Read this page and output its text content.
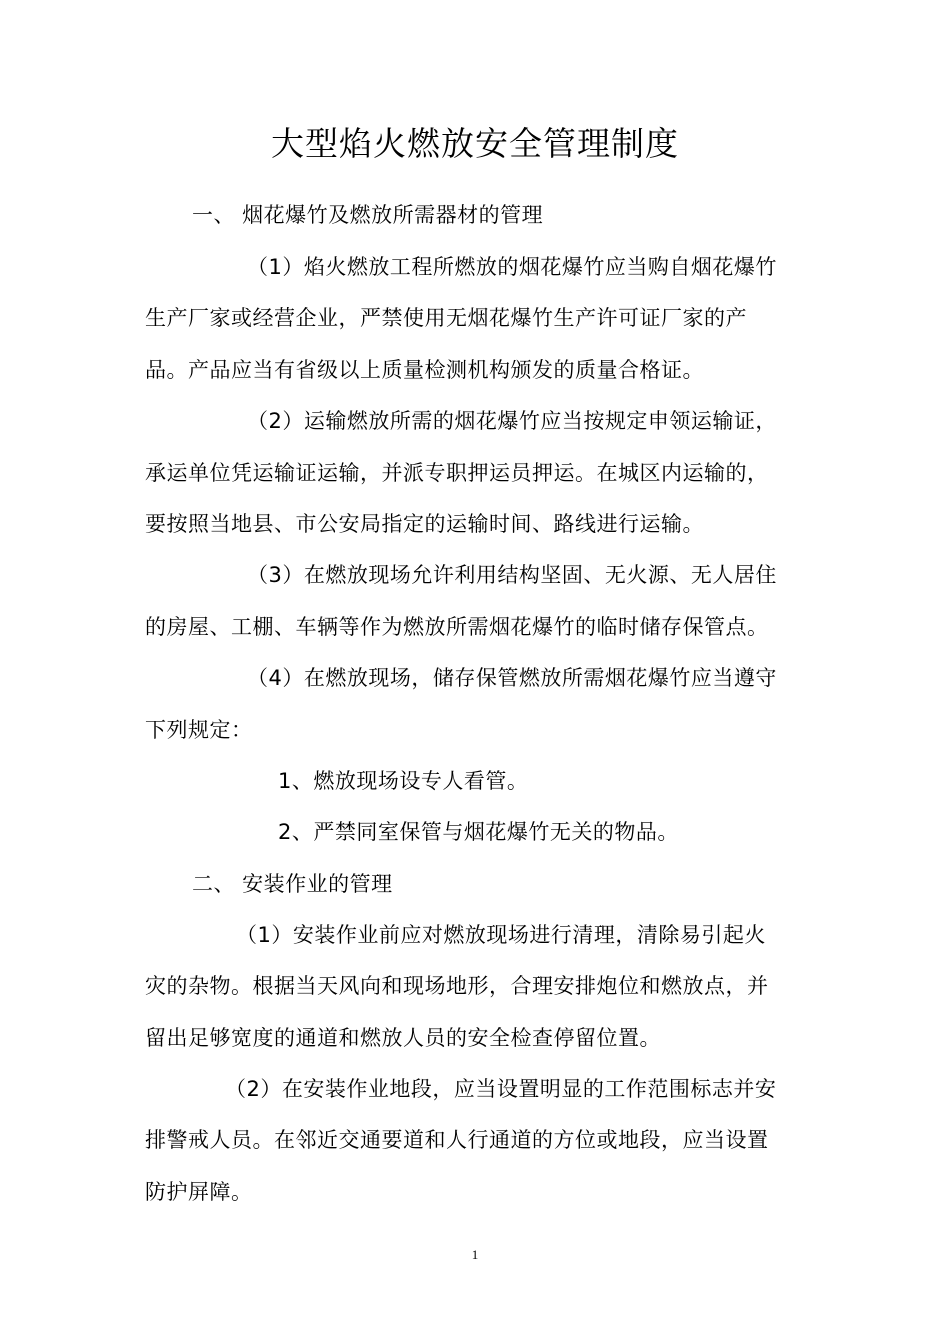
大型焰火燃放安全管理制度
一、 烟花爆竹及燃放所需器材的管理
（1）焰火燃放工程所燃放的烟花爆竹应当购自烟花爆竹
生产厂家或经营企业，严禁使用无烟花爆竹生产许可证厂家的产
品。产品应当有省级以上质量检测机构颁发的质量合格证。
（2）运输燃放所需的烟花爆竹应当按规定申领运输证，
承运单位凭运输证运输，并派专职押运员押运。在城区内运输的，
要按照当地县、市公安局指定的运输时间、路线进行运输。
（3）在燃放现场允许利用结构坚固、无火源、无人居住
的房屋、工棚、车辆等作为燃放所需烟花爆竹的临时储存保管点。
（4）在燃放现场，储存保管燃放所需烟花爆竹应当遵守
下列规定：
1、燃放现场设专人看管。
2、严禁同室保管与烟花爆竹无关的物品。
二、 安装作业的管理
（1）安装作业前应对燃放现场进行清理，清除易引起火
灾的杂物。根据当天风向和现场地形，合理安排炮位和燃放点，并
留出足够宽度的通道和燃放人员的安全检查停留位置。
（2）在安装作业地段，应当设置明显的工作范围标志并安
排警戒人员。在邻近交通要道和人行通道的方位或地段，应当设置
防护屏障。
1
